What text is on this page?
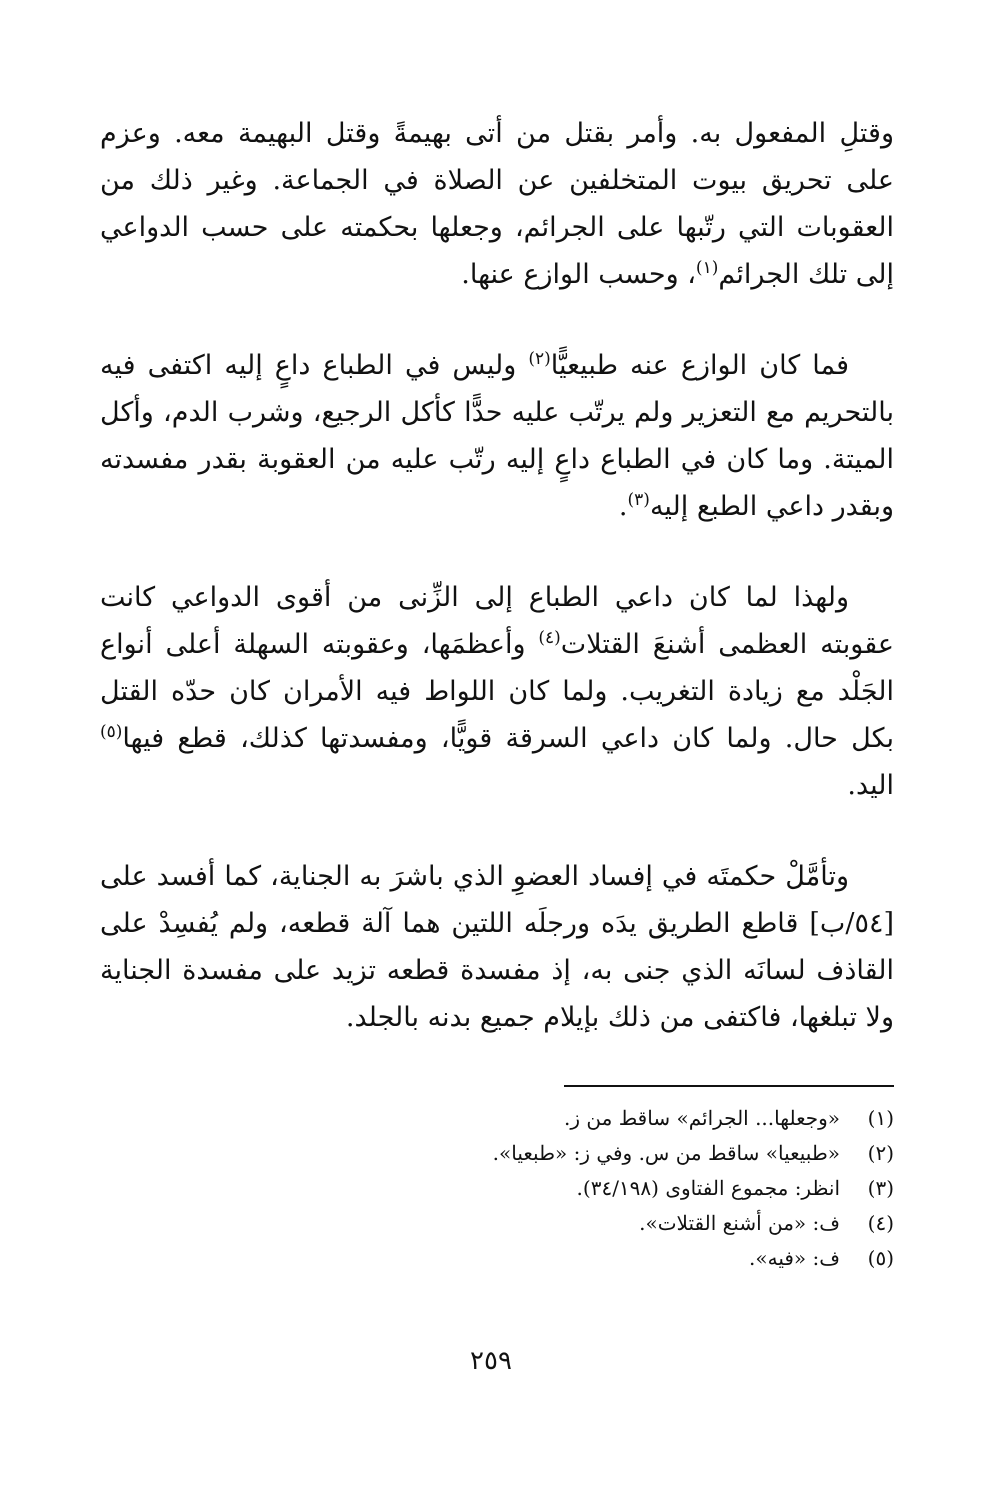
وقتلِ المفعول به. وأمر بقتل من أتى بهيمةً وقتل البهيمة معه. وعزم على تحريق بيوت المتخلفين عن الصلاة في الجماعة. وغير ذلك من العقوبات التي رتّبها على الجرائم، وجعلها بحكمته على حسب الدواعي إلى تلك الجرائم$^{(١)}$، وحسب الوازع عنها.

فما كان الوازع عنه طبيعيًّا$^{(٢)}$ وليس في الطباع داعٍ إليه اكتفى فيه بالتحريم مع التعزير ولم يرتّب عليه حدًّا كأكل الرجيع، وشرب الدم، وأكل الميتة. وما كان في الطباع داعٍ إليه رتّب عليه من العقوبة بقدر مفسدته وبقدر داعي الطبع إليه$^{(٣)}$.

ولهذا لما كان داعي الطباع إلى الزِّنى من أقوى الدواعي كانت عقوبته العظمى أشنعَ القتلات$^{(٤)}$ وأعظمَها، وعقوبته السهلة أعلى أنواع الجَلْد مع زيادة التغريب. ولما كان اللواط فيه الأمران كان حدّه القتل بكل حال. ولما كان داعي السرقة قويًّا، ومفسدتها كذلك، قطع فيها$^{(٥)}$ اليد.

وتأمَّلْ حكمتَه في إفساد العضوِ الذي باشرَ به الجناية، كما أفسد على [٥٤/ب] قاطع الطريق يدَه ورجلَه اللتين هما آلة قطعه، ولم يُفسِدْ على القاذف لسانَه الذي جنى به، إذ مفسدة قطعه تزيد على مفسدة الجناية ولا تبلغها، فاكتفى من ذلك بإيلام جميع بدنه بالجلد.

(١)
«وجعلها... الجرائم» ساقط من ز.
(٢)
«طبيعيا» ساقط من س. وفي ز: «طبعيا».
(٣)
انظر: مجموع الفتاوى (٣٤/١٩٨).
(٤)
ف: «من أشنع القتلات».
(٥)
ف: «فيه».
٢٥٩
